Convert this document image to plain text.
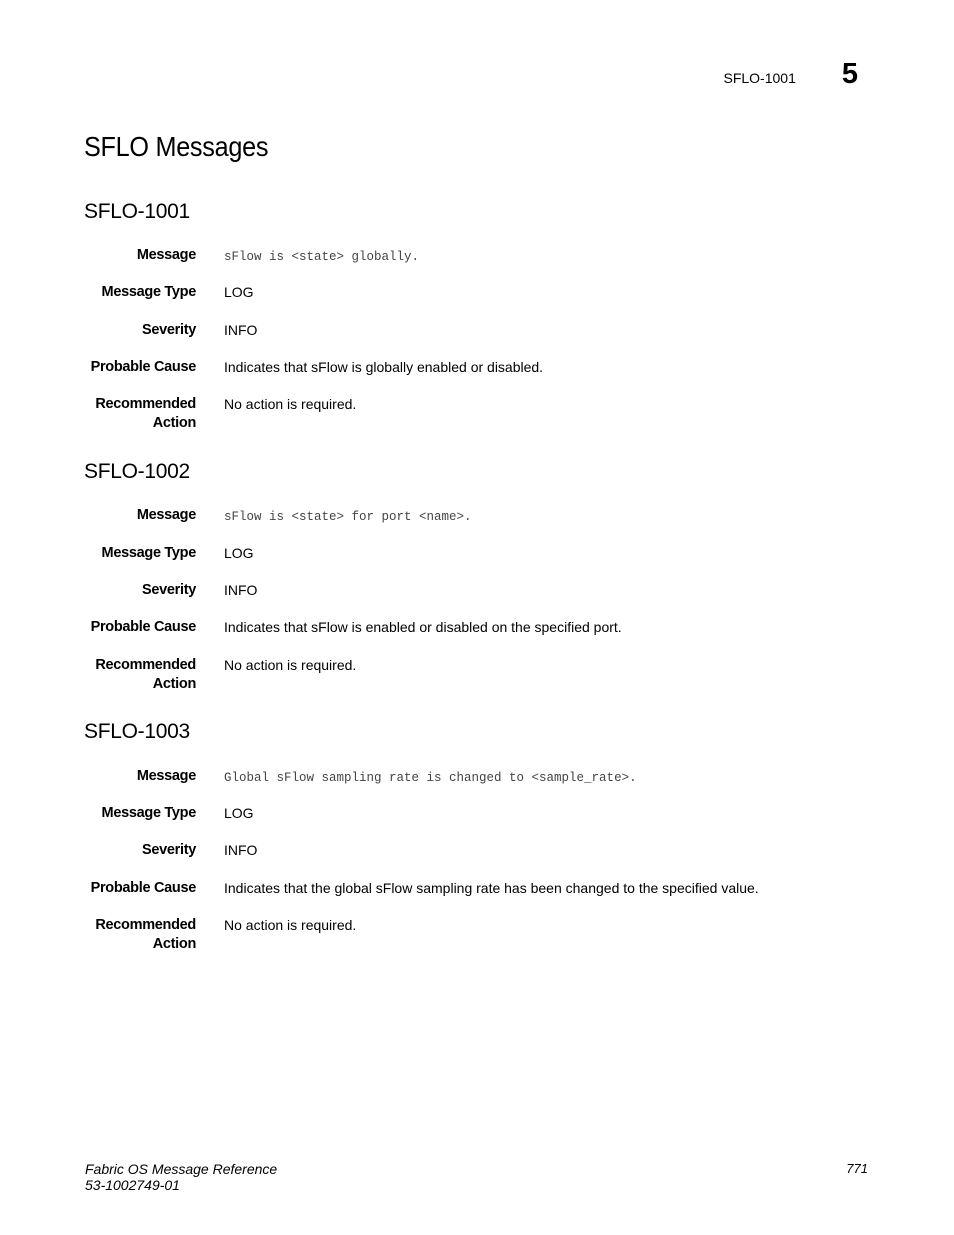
SFLO-1001 5
SFLO Messages
SFLO-1001
Message sFlow is <state> globally.
Message Type LOG
Severity INFO
Probable Cause Indicates that sFlow is globally enabled or disabled.
Recommended
Action
No action is required.
SFLO-1002
Message sFlow is <state> for port <name>.
Message Type LOG
Severity INFO
Probable Cause Indicates that sFlow is enabled or disabled on the specified port.
Recommended
Action
No action is required.
SFLO-1003
Message Global sFlow sampling rate is changed to <sample_rate>.
Message Type LOG
Severity INFO
Probable Cause Indicates that the global sFlow sampling rate has been changed to the specified value.
Recommended
Action
No action is required.
Fabric OS Message Reference
53-1002749-01
771
